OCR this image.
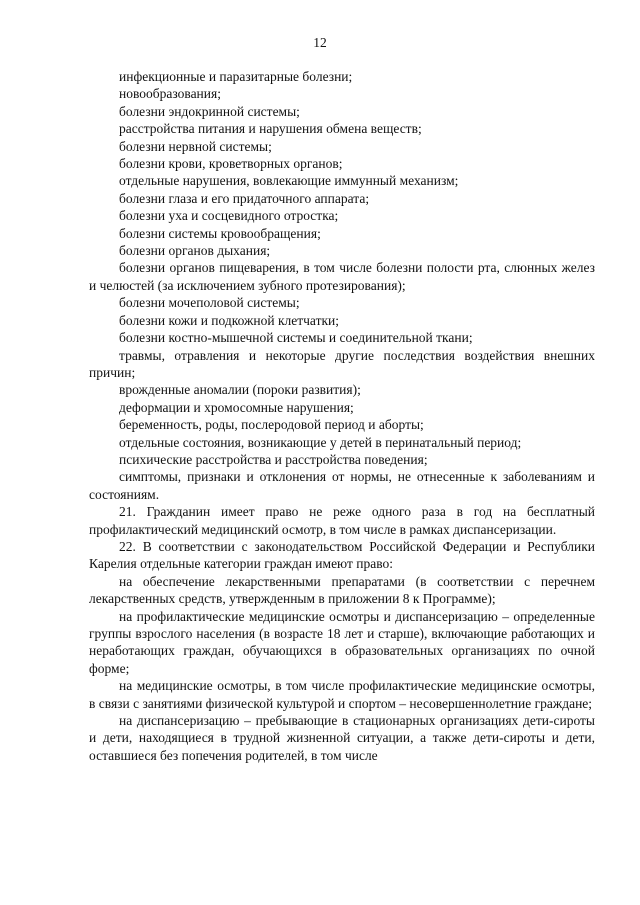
12

инфекционные и паразитарные болезни;

новообразования;

болезни эндокринной системы;

расстройства питания и нарушения обмена веществ;

болезни нервной системы;

болезни крови, кроветворных органов;

отдельные нарушения, вовлекающие иммунный механизм;

болезни глаза и его придаточного аппарата;

болезни уха и сосцевидного отростка;

болезни системы кровообращения;

болезни органов дыхания;

болезни органов пищеварения, в том числе болезни полости рта, слюнных желез и челюстей (за исключением зубного протезирования);

болезни мочеполовой системы;

болезни кожи и подкожной клетчатки;

болезни костно-мышечной системы и соединительной ткани;

травмы, отравления и некоторые другие последствия воздействия внешних причин;

врожденные аномалии (пороки развития);

деформации и хромосомные нарушения;

беременность, роды, послеродовой период и аборты;

отдельные состояния, возникающие у детей в перинатальный период;

психические расстройства и расстройства поведения;

симптомы, признаки и отклонения от нормы, не отнесенные к заболеваниям и состояниям.

21. Гражданин имеет право не реже одного раза в год на бесплатный профилактический медицинский осмотр, в том числе в рамках диспансеризации.

22. В соответствии с законодательством Российской Федерации и Республики Карелия отдельные категории граждан имеют право:

на обеспечение лекарственными препаратами (в соответствии с перечнем лекарственных средств, утвержденным в приложении 8 к Программе);

на профилактические медицинские осмотры и диспансеризацию – определенные группы взрослого населения (в возрасте 18 лет и старше), включающие работающих и неработающих граждан, обучающихся в образовательных организациях по очной форме;

на медицинские осмотры, в том числе профилактические медицинские осмотры, в связи с занятиями физической культурой и спортом – несовершеннолетние граждане;

на диспансеризацию – пребывающие в стационарных организациях дети-сироты и дети, находящиеся в трудной жизненной ситуации, а также дети-сироты и дети, оставшиеся без попечения родителей, в том числе
